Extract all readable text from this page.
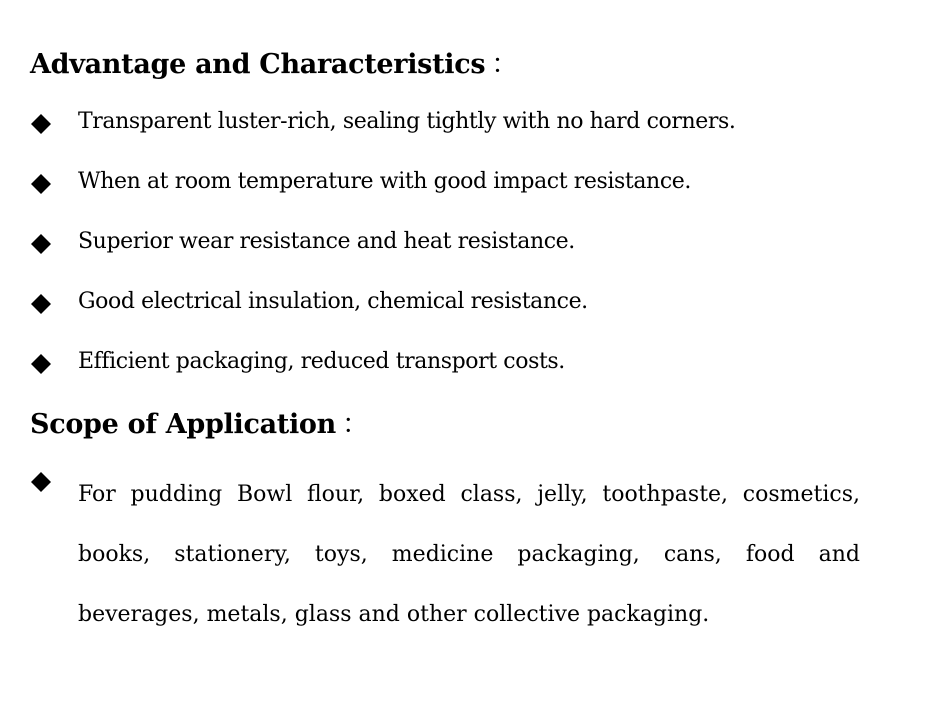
Advantage and Characteristics ：
Transparent luster-rich, sealing tightly with no hard corners.
When at room temperature with good impact resistance.
Superior wear resistance and heat resistance.
Good electrical insulation, chemical resistance.
Efficient packaging, reduced transport costs.
Scope of Application ：
For pudding Bowl flour, boxed class, jelly, toothpaste, cosmetics, books, stationery, toys, medicine packaging, cans, food and beverages, metals, glass and other collective packaging.
